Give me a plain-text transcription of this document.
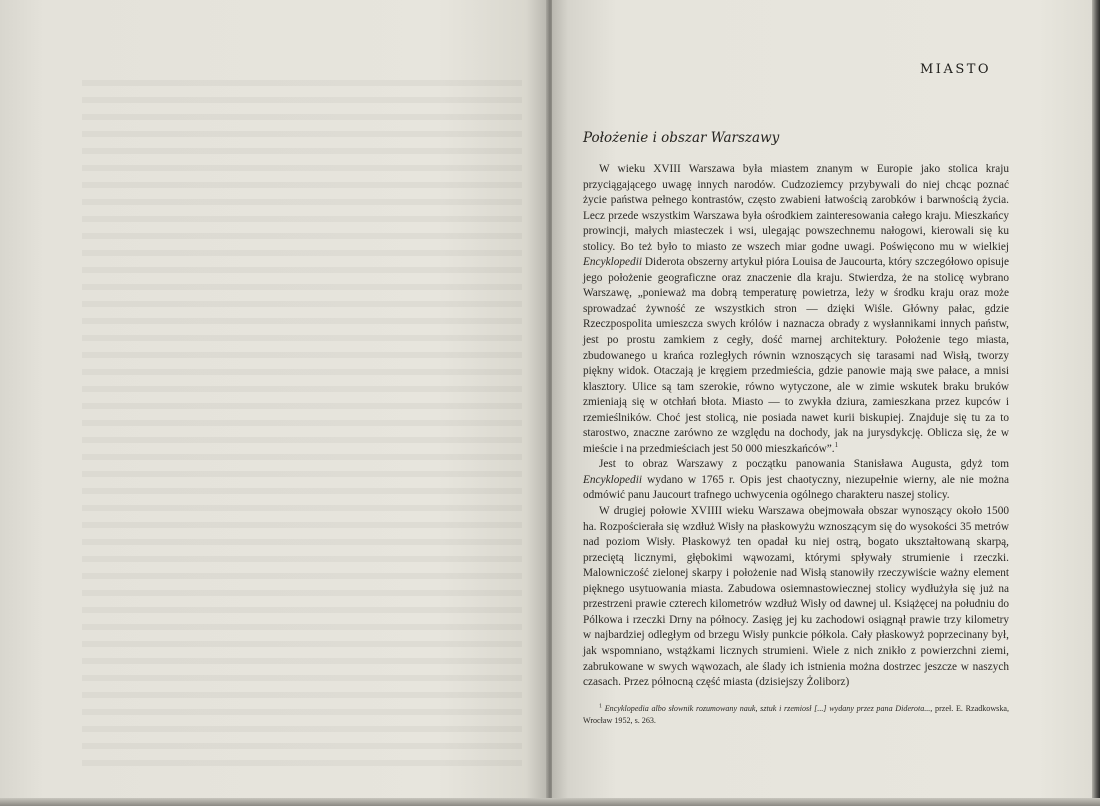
MIASTO
Położenie i obszar Warszawy

W wieku XVIII Warszawa była miastem znanym w Europie jako stolica kraju przyciągającego uwagę innych narodów. Cudzoziemcy przybywali do niej chcąc poznać życie państwa pełnego kontrastów, często zwabieni łatwością zarobków i barwnością życia. Lecz przede wszystkim Warszawa była ośrodkiem zainteresowania całego kraju. Mieszkańcy prowincji, małych miasteczek i wsi, ulegając powszechnemu nałogowi, kierowali się ku stolicy. Bo też było to miasto ze wszech miar godne uwagi. Poświęcono mu w wielkiej Encyklopedii Diderota obszerny artykuł pióra Louisa de Jaucourta, który szczegółowo opisuje jego położenie geograficzne oraz znaczenie dla kraju. Stwierdza, że na stolicę wybrano Warszawę, „ponieważ ma dobrą temperaturę powietrza, leży w środku kraju oraz może sprowadzać żywność ze wszystkich stron — dzięki Wiśle. Główny pałac, gdzie Rzeczpospolita umieszcza swych królów i naznacza obrady z wysłannikami innych państw, jest po prostu zamkiem z cegły, dość marnej architektury. Położenie tego miasta, zbudowanego u krańca rozległych równin wznoszących się tarasami nad Wisłą, tworzy piękny widok. Otaczają je kręgiem przedmieścia, gdzie panowie mają swe pałace, a mnisi klasztory. Ulice są tam szerokie, równo wytyczone, ale w zimie wskutek braku bruków zmieniają się w otchłań błota. Miasto — to zwykła dziura, zamieszkana przez kupców i rzemieślników. Choć jest stolicą, nie posiada nawet kurii biskupiej. Znajduje się tu za to starostwo, znaczne zarówno ze względu na dochody, jak na jurysdykcję. Oblicza się, że w mieście i na przedmieściach jest 50 000 mieszkańców”.$^1$

Jest to obraz Warszawy z początku panowania Stanisława Augusta, gdyż tom Encyklopedii wydano w 1765 r. Opis jest chaotyczny, niezupełnie wierny, ale nie można odmówić panu Jaucourt trafnego uchwycenia ogólnego charakteru naszej stolicy.

W drugiej połowie XVIIII wieku Warszawa obejmowała obszar wynoszący około 1500 ha. Rozpościerała się wzdłuż Wisły na płaskowyżu wznoszącym się do wysokości 35 metrów nad poziom Wisły. Płaskowyż ten opadał ku niej ostrą, bogato ukształtowaną skarpą, przeciętą licznymi, głębokimi wąwozami, którymi spływały strumienie i rzeczki. Malowniczość zielonej skarpy i położenie nad Wisłą stanowiły rzeczywiście ważny element pięknego usytuowania miasta. Zabudowa osiemnastowiecznej stolicy wydłużyła się już na przestrzeni prawie czterech kilometrów wzdłuż Wisły od dawnej ul. Książęcej na południu do Pólkowa i rzeczki Drny na północy. Zasięg jej ku zachodowi osiągnął prawie trzy kilometry w najbardziej odległym od brzegu Wisły punkcie półkola. Cały płaskowyż poprzecinany był, jak wspomniano, wstążkami licznych strumieni. Wiele z nich znikło z powierzchni ziemi, zabrukowane w swych wąwozach, ale ślady ich istnienia można dostrzec jeszcze w naszych czasach. Przez północną część miasta (dzisiejszy Żoliborz)

$^1$ Encyklopedia albo słownik rozumowany nauk, sztuk i rzemiosł [...] wydany przez pana Diderota..., przeł. E. Rzadkowska, Wrocław 1952, s. 263.
